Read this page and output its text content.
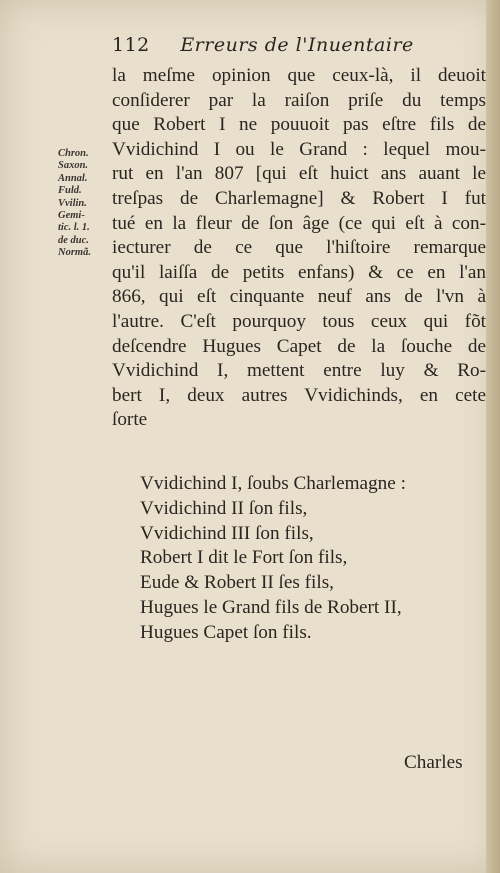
112 Erreurs de l'Inuentaire
Chron.
Saxon.
Annal.
Fuld.
Vvilin.
Gemi-
tic. l. 1.
de duc.
Normã.
la meſme opinion que ceux-là, il deuoit
conſiderer par la raiſon priſe du temps
que Robert I ne pouuoit pas eſtre fils de
Vvidichind I ou le Grand : lequel mou-
rut en l'an 807 [qui eſt huict ans auant le
treſpas de Charlemagne] & Robert I fut
tué en la fleur de ſon âge (ce qui eſt à con-
iecturer de ce que l'hiſtoire remarque
qu'il laiſſa de petits enfans) & ce en l'an
866, qui eſt cinquante neuf ans de l'vn à
l'autre. C'eſt pourquoy tous ceux qui fõt
deſcendre Hugues Capet de la ſouche de
Vvidichind I, mettent entre luy & Ro-
bert I, deux autres Vvidichinds, en cete
ſorte
Vvidichind I, ſoubs Charlemagne :
Vvidichind II ſon fils,
Vvidichind III ſon fils,
Robert I dit le Fort ſon fils,
Eude & Robert II ſes fils,
Hugues le Grand fils de Robert II,
Hugues Capet ſon fils.
Charles
